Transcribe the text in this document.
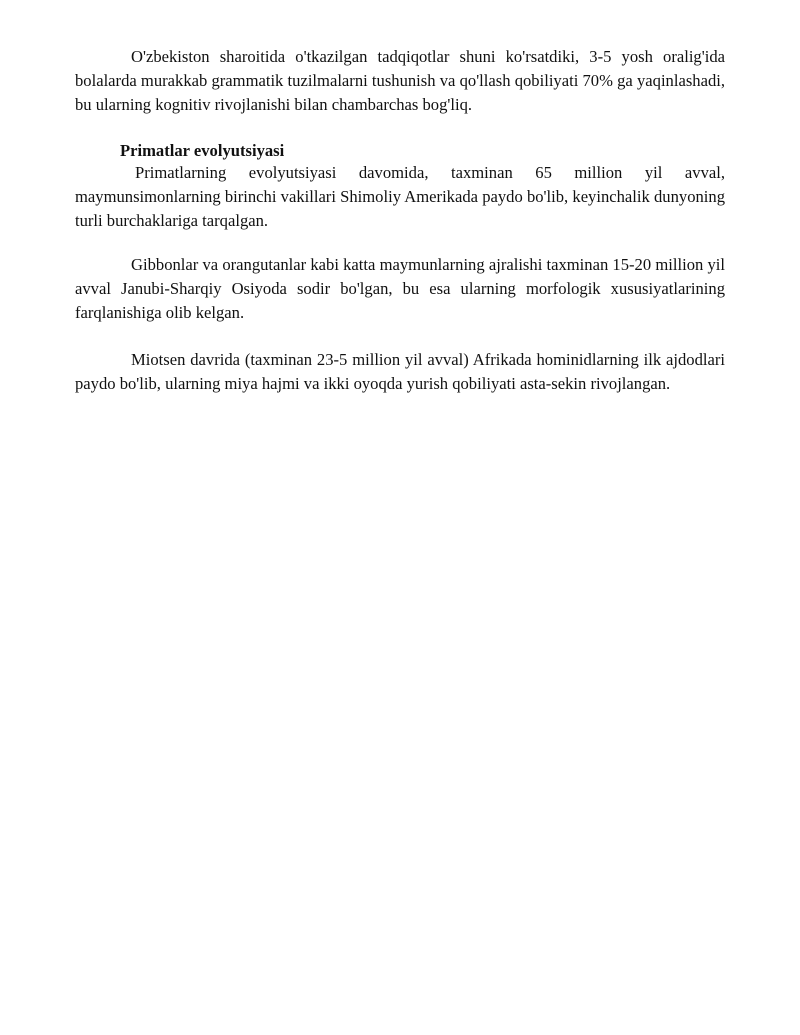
O'zbekiston sharoitida o'tkazilgan tadqiqotlar shuni ko'rsatdiki, 3-5 yosh oralig'ida bolalarda murakkab grammatik tuzilmalarni tushunish va qo'llash qobiliyati 70% ga yaqinlashadi, bu ularning kognitiv rivojlanishi bilan chambarchas bog'liq.

Primatlar evolyutsiyasi

Primatlarning evolyutsiyasi davomida, taxminan 65 million yil avval, maymunsimonlarning birinchi vakillari Shimoliy Amerikada paydo bo'lib, keyinchalik dunyoning turli burchaklariga tarqalgan.

Gibbonlar va orangutanlar kabi katta maymunlarning ajralishi taxminan 15-20 million yil avval Janubi-Sharqiy Osiyoda sodir bo'lgan, bu esa ularning morfologik xususiyatlarining farqlanishiga olib kelgan.

Miotsen davrida (taxminan 23-5 million yil avval) Afrikada hominidlarning ilk ajdodlari paydo bo'lib, ularning miya hajmi va ikki oyoqda yurish qobiliyati asta-sekin rivojlangan.
